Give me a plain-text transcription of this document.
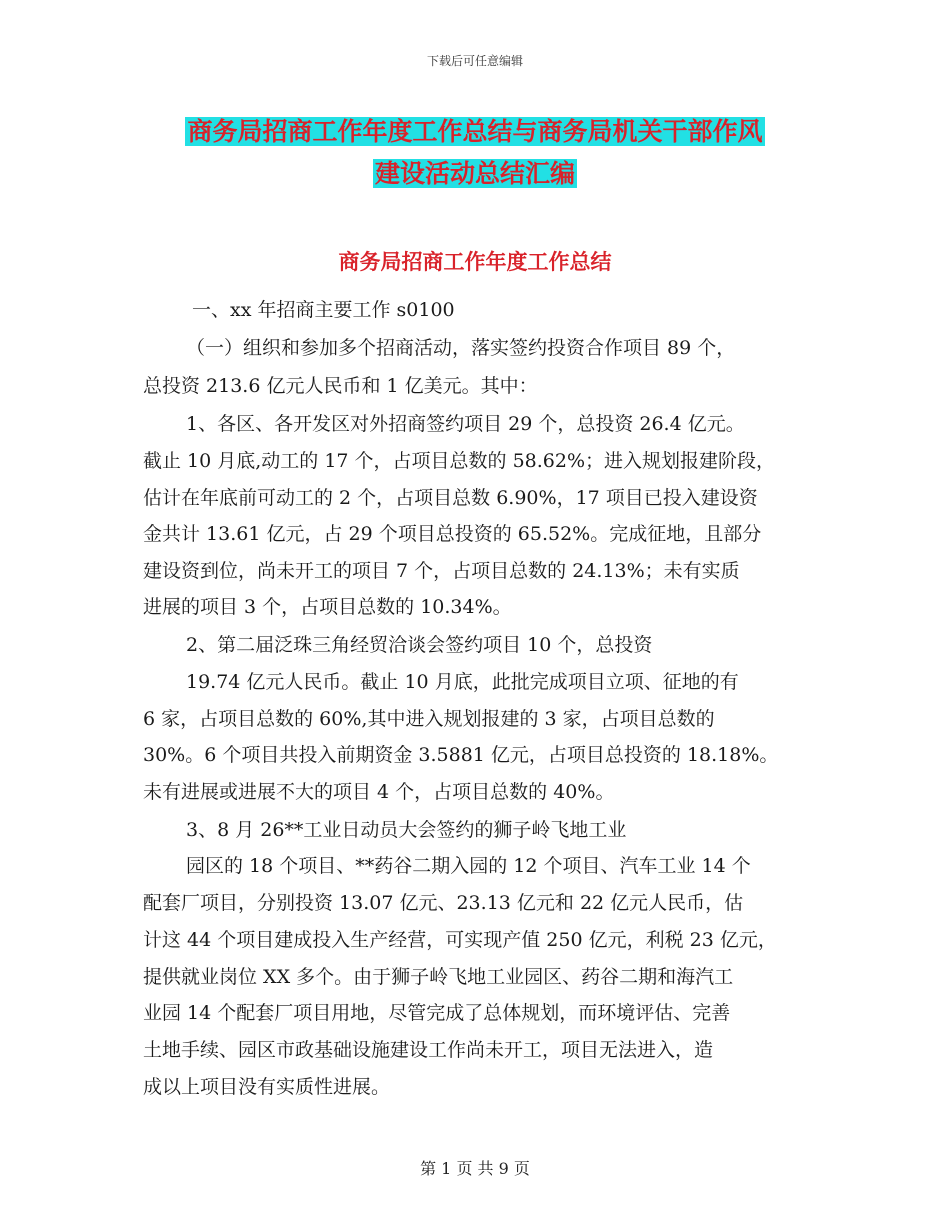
下载后可任意编辑
商务局招商工作年度工作总结与商务局机关干部作风
建设活动总结汇编
商务局招商工作年度工作总结
一、xx 年招商主要工作 s0100
（一）组织和参加多个招商活动，落实签约投资合作项目 89 个，
总投资 213.6 亿元人民币和 1 亿美元。其中：
1、各区、各开发区对外招商签约项目 29 个，总投资 26.4 亿元。
截止 10 月底,动工的 17 个，占项目总数的 58.62%；进入规划报建阶段，
估计在年底前可动工的 2 个，占项目总数 6.90%，17 项目已投入建设资
金共计 13.61 亿元，占 29 个项目总投资的 65.52%。完成征地，且部分
建设资到位，尚未开工的项目 7 个，占项目总数的 24.13%；未有实质
进展的项目 3 个，占项目总数的 10.34%。
2、第二届泛珠三角经贸洽谈会签约项目 10 个，总投资
19.74 亿元人民币。截止 10 月底，此批完成项目立项、征地的有
6 家，占项目总数的 60%,其中进入规划报建的 3 家，占项目总数的
30%。6 个项目共投入前期资金 3.5881 亿元，占项目总投资的 18.18%。
未有进展或进展不大的项目 4 个，占项目总数的 40%。
3、8 月 26**工业日动员大会签约的狮子岭飞地工业
园区的 18 个项目、**药谷二期入园的 12 个项目、汽车工业 14 个
配套厂项目，分别投资 13.07 亿元、23.13 亿元和 22 亿元人民币，估
计这 44 个项目建成投入生产经营，可实现产值 250 亿元，利税 23 亿元，
提供就业岗位 XX 多个。由于狮子岭飞地工业园区、药谷二期和海汽工
业园 14 个配套厂项目用地，尽管完成了总体规划，而环境评估、完善
土地手续、园区市政基础设施建设工作尚未开工，项目无法进入，造
成以上项目没有实质性进展。
第 1 页 共 9 页
